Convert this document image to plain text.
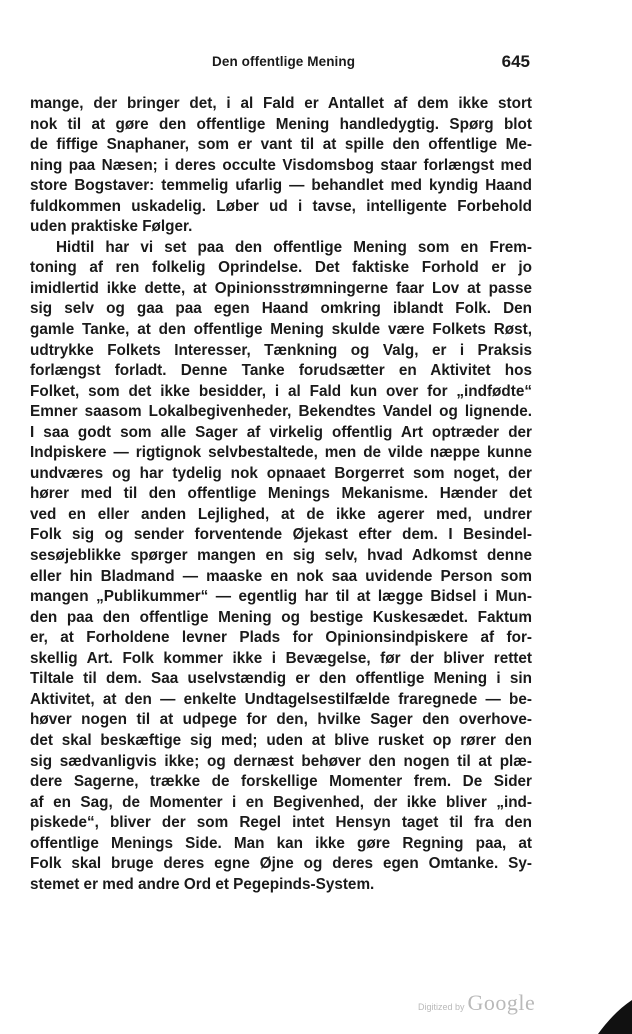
Den offentlige Mening	645
mange, der bringer det, i al Fald er Antallet af dem ikke stort
nok til at gøre den offentlige Mening handledygtig. Spørg blot
de fiffige Snaphaner, som er vant til at spille den offentlige Me-
ning paa Næsen; i deres occulte Visdomsbog staar forlængst med
store Bogstaver: temmelig ufarlig — behandlet med kyndig Haand
fuldkommen uskadelig. Løber ud i tavse, intelligente Forbehold
uden praktiske Følger.
Hidtil har vi set paa den offentlige Mening som en Frem-
toning af ren folkelig Oprindelse. Det faktiske Forhold er jo
imidlertid ikke dette, at Opinionsstrømningerne faar Lov at passe
sig selv og gaa paa egen Haand omkring iblandt Folk. Den
gamle Tanke, at den offentlige Mening skulde være Folkets Røst,
udtrykke Folkets Interesser, Tænkning og Valg, er i Praksis
forlængst forladt. Denne Tanke forudsætter en Aktivitet hos
Folket, som det ikke besidder, i al Fald kun over for „indfødte“
Emner saasom Lokalbegivenheder, Bekendtes Vandel og lignende.
I saa godt som alle Sager af virkelig offentlig Art optræder der
Indpiskere — rigtignok selvbestaltede, men de vilde næppe kunne
undværes og har tydelig nok opnaaet Borgerret som noget, der
hører med til den offentlige Menings Mekanisme. Hænder det
ved en eller anden Lejlighed, at de ikke agerer med, undrer
Folk sig og sender forventende Øjekast efter dem. I Besindel-
sesøjeblikke spørger mangen en sig selv, hvad Adkomst denne
eller hin Bladmand — maaske en nok saa uvidende Person som
mangen „Publikummer“ — egentlig har til at lægge Bidsel i Mun-
den paa den offentlige Mening og bestige Kuskesædet. Faktum
er, at Forholdene levner Plads for Opinionsindpiskere af for-
skellig Art. Folk kommer ikke i Bevægelse, før der bliver rettet
Tiltale til dem. Saa uselvstændig er den offentlige Mening i sin
Aktivitet, at den — enkelte Undtagelsestilfælde fraregnede — be-
høver nogen til at udpege for den, hvilke Sager den overhove-
det skal beskæftige sig med; uden at blive rusket op rører den
sig sædvanligvis ikke; og dernæst behøver den nogen til at plæ-
dere Sagerne, trække de forskellige Momenter frem. De Sider
af en Sag, de Momenter i en Begivenhed, der ikke bliver „ind-
piskede“, bliver der som Regel intet Hensyn taget til fra den
offentlige Menings Side. Man kan ikke gøre Regning paa, at
Folk skal bruge deres egne Øjne og deres egen Omtanke. Sy-
stemet er med andre Ord et Pegepinds-System.
Digitized by Google
